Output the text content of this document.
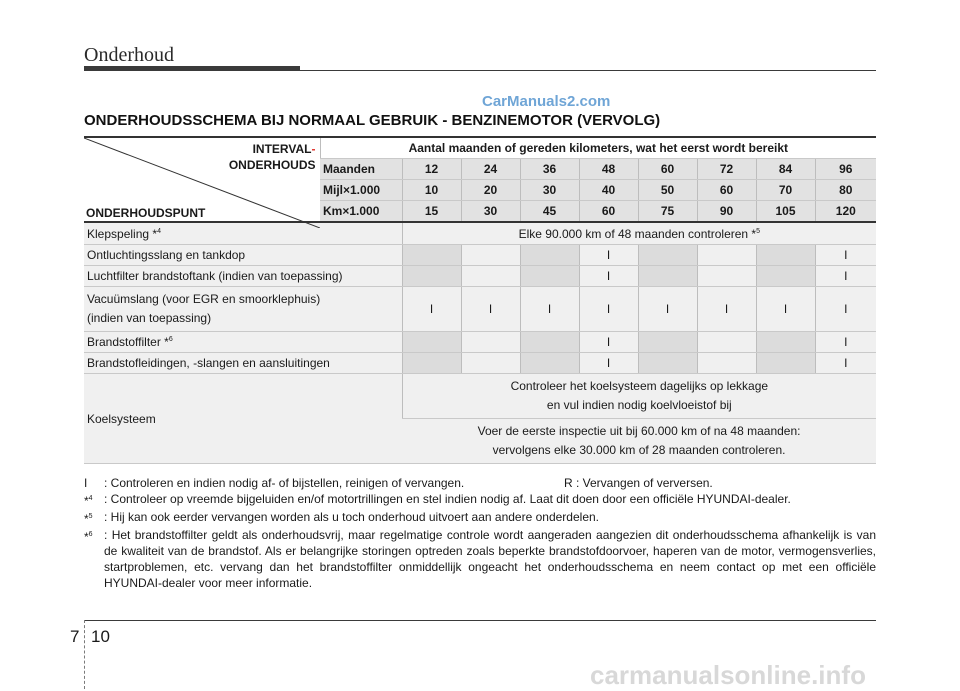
Onderhoud
CarManuals2.com
ONDERHOUDSSCHEMA BIJ NORMAAL GEBRUIK - BENZINEMOTOR (VERVOLG)
INTERVAL-
ONDERHOUDS
ONDERHOUDSPUNT	Aantal maanden of gereden kilometers, wat het eerst wordt bereikt								
	Maanden	12	24	36	48	60	72	84	96
	Mijl×1.000	10	20	30	40	50	60	70	80
	Km×1.000	15	30	45	60	75	90	105	120
Klepspeling *$^4$		Elke 90.000 km of 48 maanden controleren *$^5$
Ontluchtingsslang en tankdop					I				I
Luchtfilter brandstoftank (indien van toepassing)					I				I

Vacuümslang (voor EGR en smoorklephuis)
(indien van toepassing)		I	I	I	I	I	I	I	I
Brandstoffilter *$^6$					I				I
Brandstofleidingen, -slangen en aansluitingen					I				I
Koelsysteem		Controleer het koelsysteem dagelijks op lekkage
en vul indien nodig koelvloeistof bij							

		Voer de eerste inspectie uit bij 60.000 km of na 48 maanden:
vervolgens elke 30.000 km of 28 maanden controleren.							
I	: Controleren en indien nodig af- of bijstellen, reinigen of vervangen.	R : Vervangen of verversen.
*$^4$ : Controleer op vreemde bijgeluiden en/of motortrillingen en stel indien nodig af. Laat dit doen door een officiële HYUNDAI-dealer.
*$^5$ : Hij kan ook eerder vervangen worden als u toch onderhoud uitvoert aan andere onderdelen.
*$^6$ : Het brandstoffilter geldt als onderhoudsvrij, maar regelmatige controle wordt aangeraden aangezien dit onderhoudsschema afhankelijk is van de kwaliteit van de brandstof. Als er belangrijke storingen optreden zoals beperkte brandstofdoorvoer, haperen van de motor, vermogensverlies, startproblemen, etc. vervang dan het brandstoffilter onmiddellijk ongeacht het onderhoudsschema en neem contact op met een officiële HYUNDAI-dealer voor meer informatie.
7 10
carmanualsonline.info
